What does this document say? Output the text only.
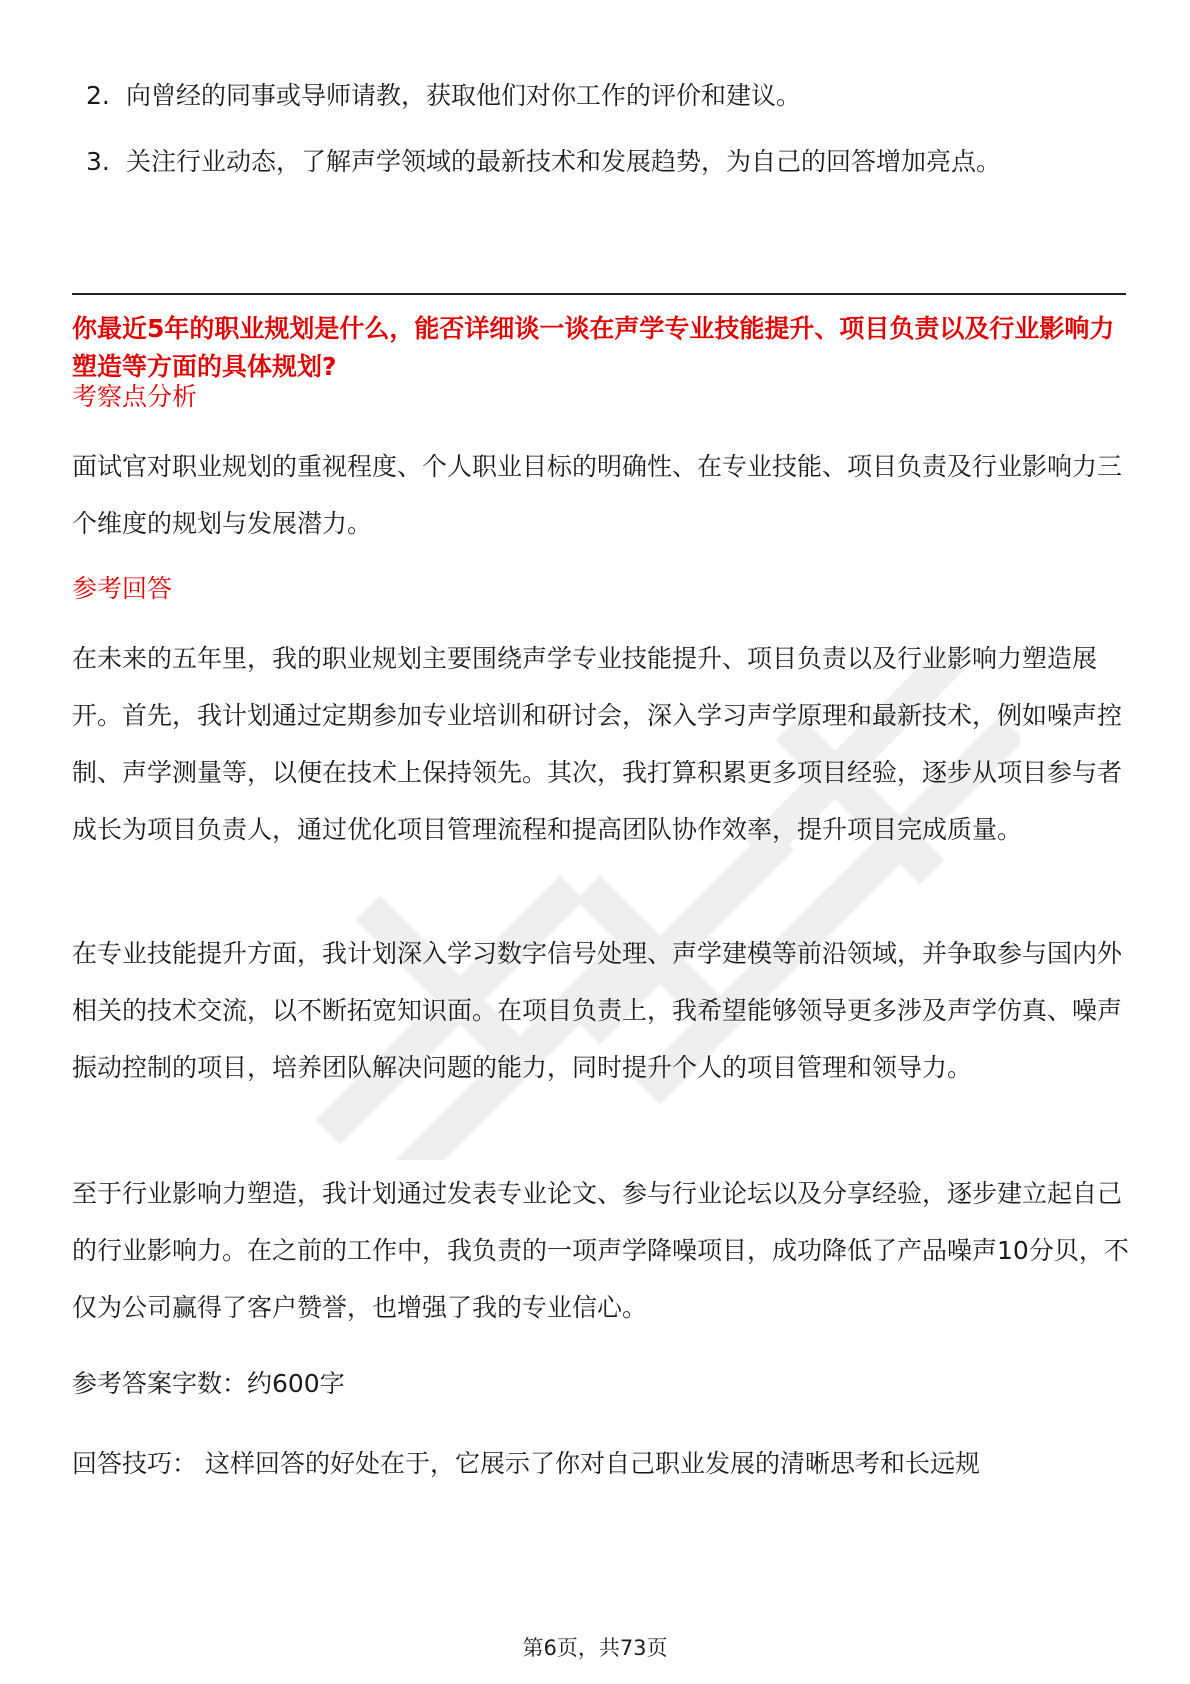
2. 向曾经的同事或导师请教，获取他们对你工作的评价和建议。
3. 关注行业动态，了解声学领域的最新技术和发展趋势，为自己的回答增加亮点。
你最近5年的职业规划是什么，能否详细谈一谈在声学专业技能提升、项目负责以及行业影响力塑造等方面的具体规划?
考察点分析

面试官对职业规划的重视程度、个人职业目标的明确性、在专业技能、项目负责及行业影响力三个维度的规划与发展潜力。

参考回答

在未来的五年里，我的职业规划主要围绕声学专业技能提升、项目负责以及行业影响力塑造展开。首先，我计划通过定期参加专业培训和研讨会，深入学习声学原理和最新技术，例如噪声控制、声学测量等，以便在技术上保持领先。其次，我打算积累更多项目经验，逐步从项目参与者成长为项目负责人，通过优化项目管理流程和提高团队协作效率，提升项目完成质量。

在专业技能提升方面，我计划深入学习数字信号处理、声学建模等前沿领域，并争取参与国内外相关的技术交流，以不断拓宽知识面。在项目负责上，我希望能够领导更多涉及声学仿真、噪声振动控制的项目，培养团队解决问题的能力，同时提升个人的项目管理和领导力。

至于行业影响力塑造，我计划通过发表专业论文、参与行业论坛以及分享经验，逐步建立起自己的行业影响力。在之前的工作中，我负责的一项声学降噪项目，成功降低了产品噪声10分贝，不仅为公司赢得了客户赞誉，也增强了我的专业信心。

参考答案字数：约600字

回答技巧： 这样回答的好处在于，它展示了你对自己职业发展的清晰思考和长远规

第6页，共73页
